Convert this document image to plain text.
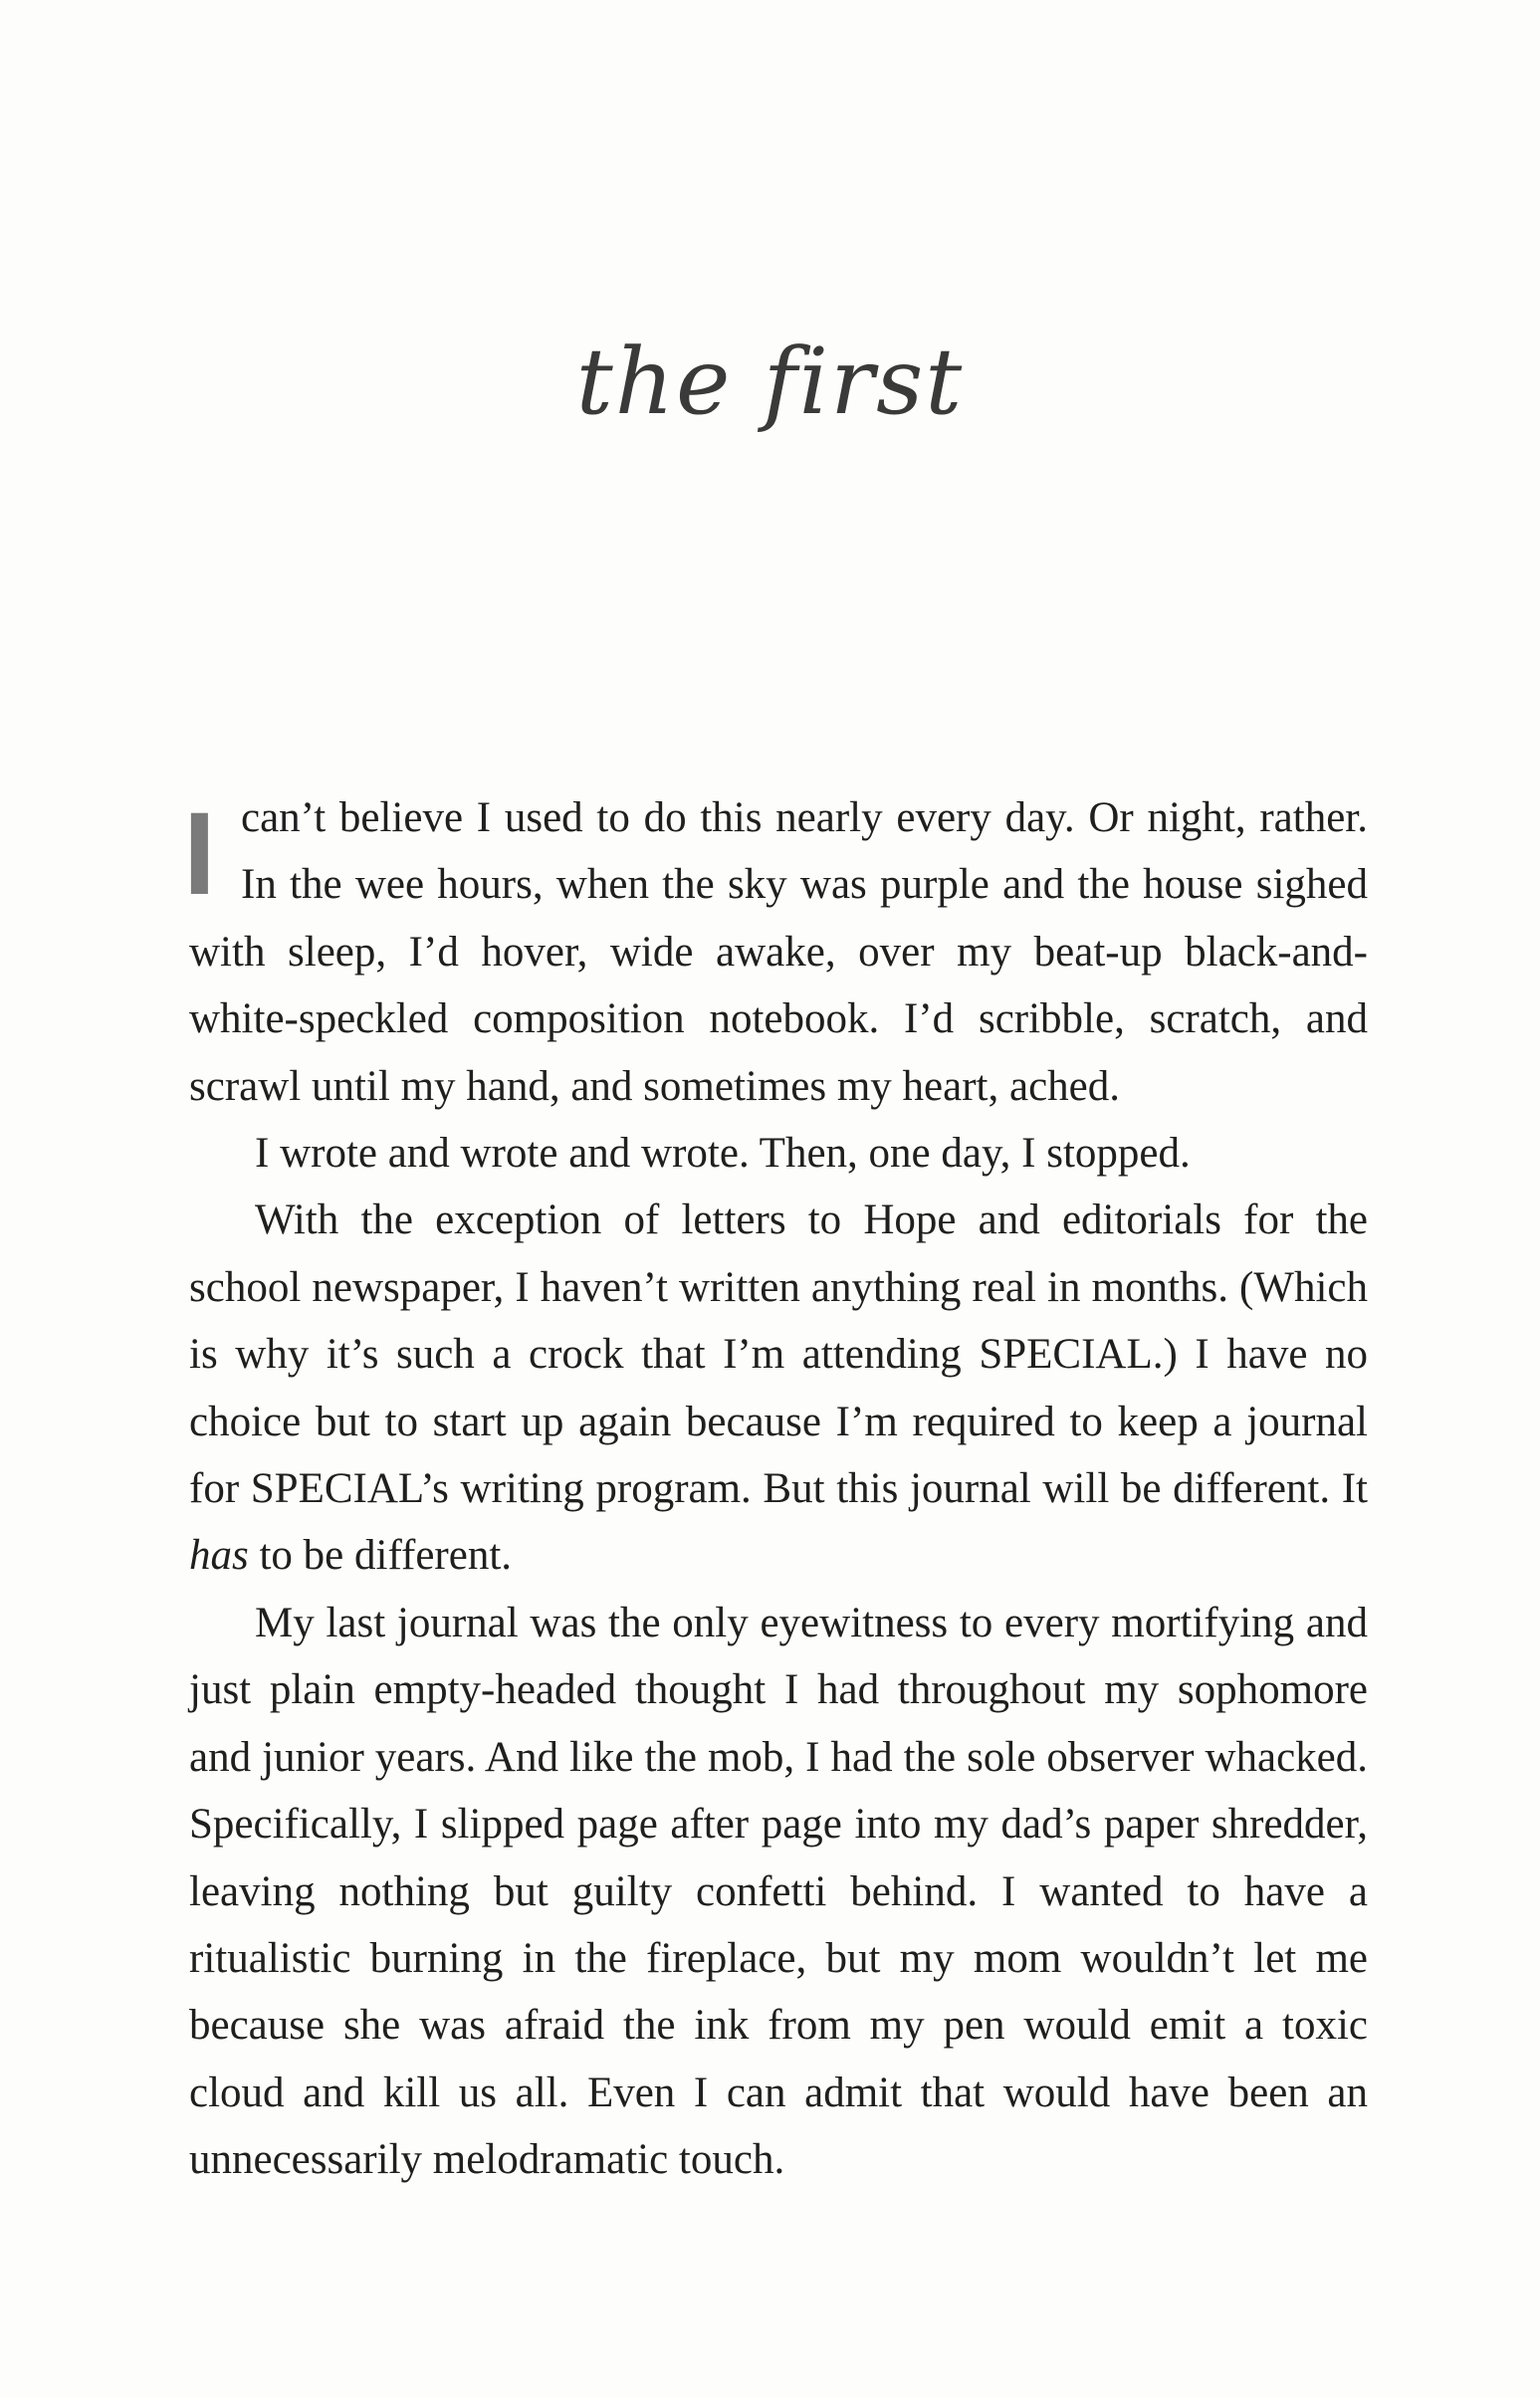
the first

Ican’t believe I used to do this nearly every day. Or night, rather. In the wee hours, when the sky was purple and the house sighed with sleep, I’d hover, wide awake, over my beat-up black-and-white-speckled composition notebook. I’d scribble, scratch, and scrawl until my hand, and sometimes my heart, ached.

I wrote and wrote and wrote. Then, one day, I stopped.

With the exception of letters to Hope and editorials for the school newspaper, I haven’t written anything real in months. (Which is why it’s such a crock that I’m attending SPECIAL.) I have no choice but to start up again because I’m required to keep a journal for SPECIAL’s writing program. But this journal will be different. It has to be different.

My last journal was the only eyewitness to every mortifying and just plain empty-headed thought I had throughout my sophomore and junior years. And like the mob, I had the sole observer whacked. Specifically, I slipped page after page into my dad’s paper shredder, leaving nothing but guilty confetti behind. I wanted to have a ritualistic burning in the fireplace, but my mom wouldn’t let me because she was afraid the ink from my pen would emit a toxic cloud and kill us all. Even I can admit that would have been an unnecessarily melodramatic touch.
